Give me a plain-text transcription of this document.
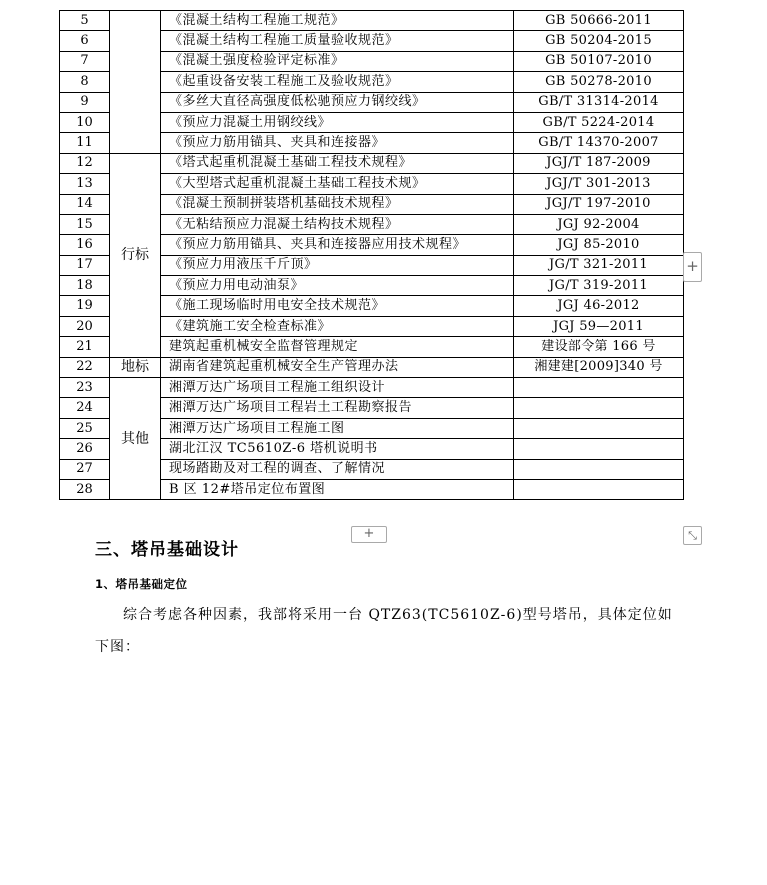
5		《混凝土结构工程施工规范》	GB 50666-2011
6		《混凝土结构工程施工质量验收规范》	GB 50204-2015
7		《混凝土强度检验评定标准》	GB 50107-2010
8		《起重设备安装工程施工及验收规范》	GB 50278-2010
9		《多丝大直径高强度低松驰预应力钢绞线》	GB/T 31314-2014
10		《预应力混凝土用钢绞线》	GB/T 5224-2014
11		《预应力筋用锚具、夹具和连接器》	GB/T 14370-2007
12	行标	《塔式起重机混凝土基础工程技术规程》	JGJ/T 187-2009
13		《大型塔式起重机混凝土基础工程技术规》	JGJ/T 301-2013
14		《混凝土预制拼装塔机基础技术规程》	JGJ/T 197-2010
15		《无粘结预应力混凝土结构技术规程》	JGJ 92-2004
16		《预应力筋用锚具、夹具和连接器应用技术规程》	JGJ 85-2010
17		《预应力用液压千斤顶》	JG/T 321-2011
18		《预应力用电动油泵》	JG/T 319-2011
19		《施工现场临时用电安全技术规范》	JGJ 46-2012
20		《建筑施工安全检查标准》	JGJ 59—2011
21		建筑起重机械安全监督管理规定	建设部令第 166 号
22	地标	湖南省建筑起重机械安全生产管理办法	湘建建[2009]340 号
23	其他	湘潭万达广场项目工程施工组织设计	
24		湘潭万达广场项目工程岩土工程勘察报告	
25		湘潭万达广场项目工程施工图	
26		湖北江汉 TC5610Z-6 塔机说明书	
27		现场踏勘及对工程的调查、了解情况	
28		B 区 12#塔吊定位布置图	
+
+	⤡
三、塔吊基础设计
1、塔吊基础定位

综合考虑各种因素，我部将采用一台 QTZ63(TC5610Z-6)型号塔吊，具体定位如下图：
